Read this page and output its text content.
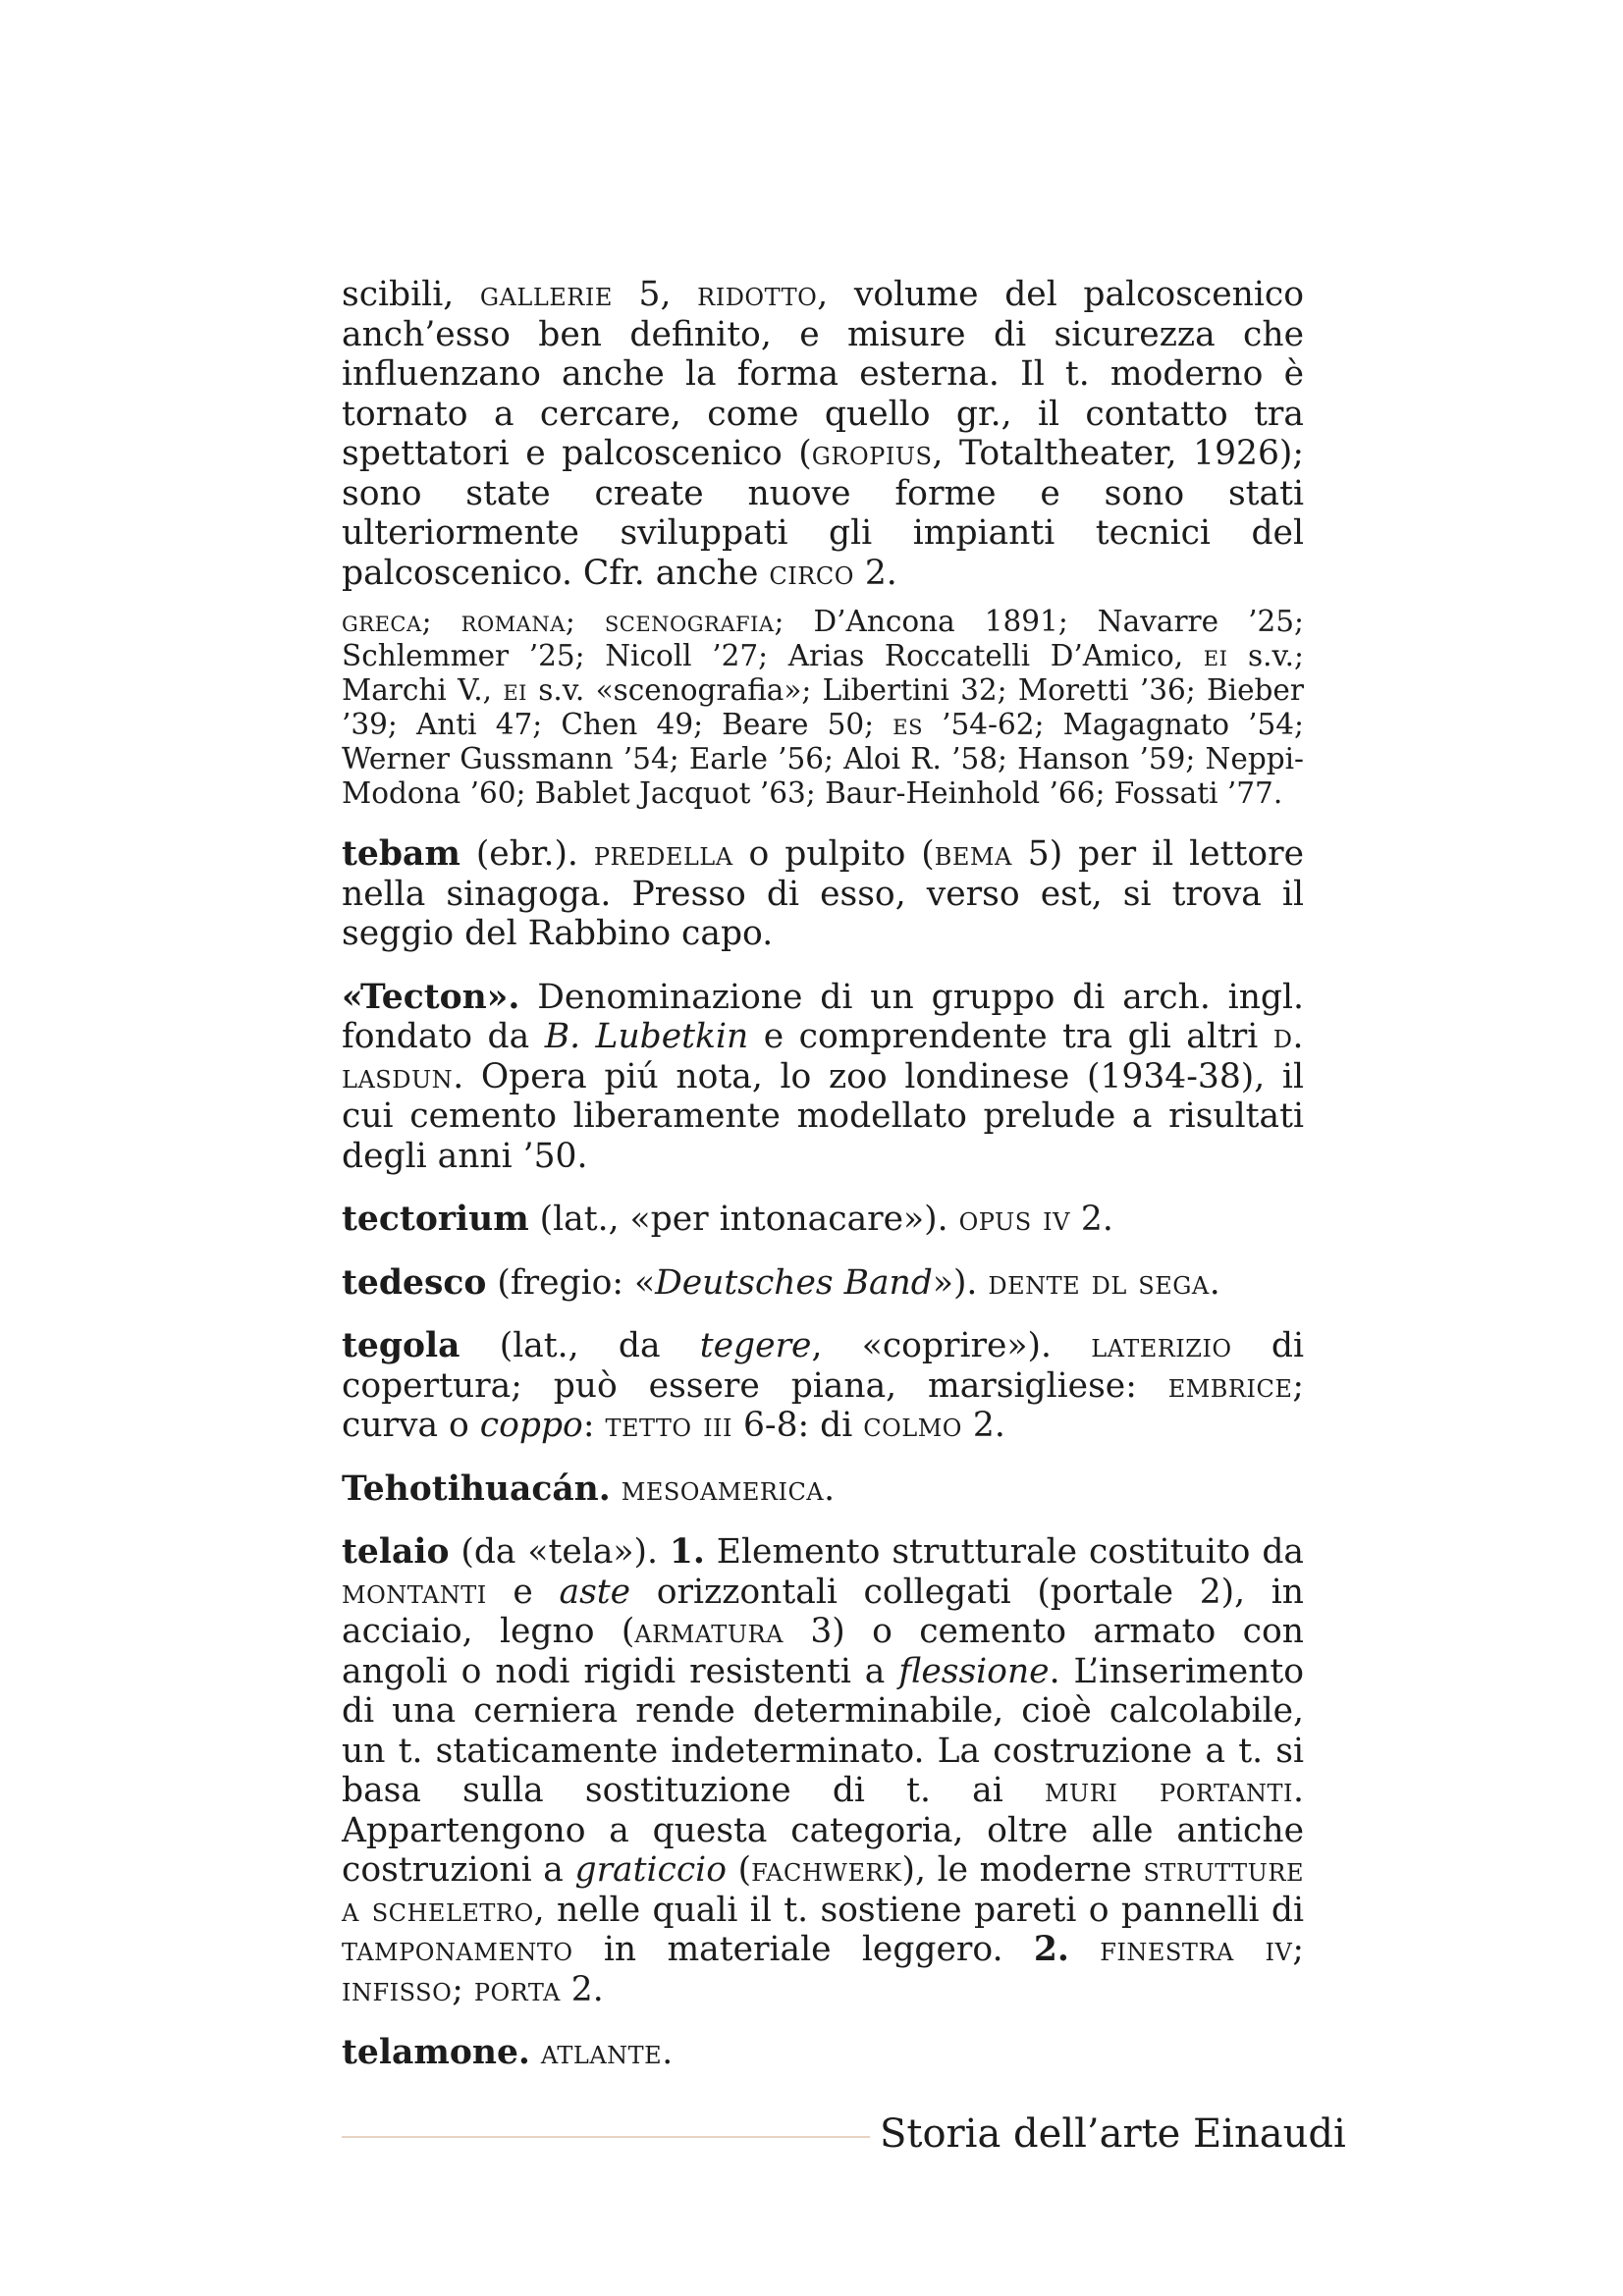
scibili, gallerie 5, ridotto, volume del palcoscenico anch’esso ben definito, e misure di sicurezza che influenzano anche la forma esterna. Il t. moderno è tornato a cercare, come quello gr., il contatto tra spettatori e palcoscenico (gropius, Totaltheater, 1926); sono state create nuove forme e sono stati ulteriormente sviluppati gli impianti tecnici del palcoscenico. Cfr. anche circo 2.

greca; romana; scenografia; D’Ancona 1891; Navarre ’25; Schlemmer ’25; Nicoll ’27; Arias Roccatelli D’Amico, ei s.v.; Marchi V., ei s.v. «scenografia»; Libertini 32; Moretti ’36; Bieber ’39; Anti 47; Chen 49; Beare 50; es ’54-62; Magagnato ’54; Werner Gussmann ’54; Earle ’56; Aloi R. ’58; Hanson ’59; Neppi-Modona ’60; Bablet Jacquot ’63; Baur-Heinhold ’66; Fossati ’77.

tebam (ebr.). predella o pulpito (bema 5) per il lettore nella sinagoga. Presso di esso, verso est, si trova il seggio del Rabbino capo.

«Tecton». Denominazione di un gruppo di arch. ingl. fondato da B. Lubetkin e comprendente tra gli altri d. lasdun. Opera piú nota, lo zoo londinese (1934-38), il cui cemento liberamente modellato prelude a risultati degli anni ’50.

tectorium (lat., «per intonacare»). opus iv 2.

tedesco (fregio: «Deutsches Band»). dente dl sega.

tegola (lat., da tegere, «coprire»). laterizio di copertura; può essere piana, marsigliese: embrice; curva o coppo: tetto iii 6-8: di colmo 2.

Tehotihuacán. mesoamerica.

telaio (da «tela»). 1. Elemento strutturale costituito da montanti e aste orizzontali collegati (portale 2), in acciaio, legno (armatura 3) o cemento armato con angoli o nodi rigidi resistenti a flessione. L’inserimento di una cerniera rende determinabile, cioè calcolabile, un t. staticamente indeterminato. La costruzione a t. si basa sulla sostituzione di t. ai muri portanti. Appartengono a questa categoria, oltre alle antiche costruzioni a graticcio (fachwerk), le moderne strutture a scheletro, nelle quali il t. sostiene pareti o pannelli di tamponamento in materiale leggero. 2. finestra iv; infisso; porta 2.

telamone. atlante.

Storia dell’arte Einaudi
